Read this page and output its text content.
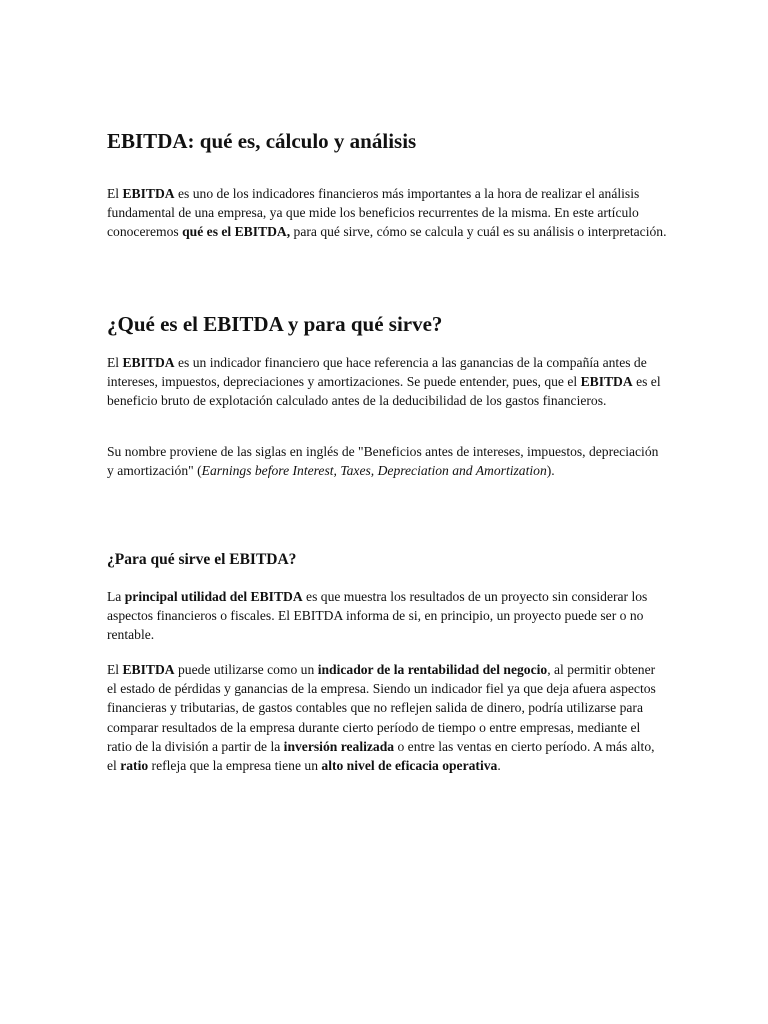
EBITDA: qué es, cálculo y análisis

El EBITDA es uno de los indicadores financieros más importantes a la hora de realizar el análisis fundamental de una empresa, ya que mide los beneficios recurrentes de la misma. En este artículo conoceremos qué es el EBITDA, para qué sirve, cómo se calcula y cuál es su análisis o interpretación.

¿Qué es el EBITDA y para qué sirve?

El EBITDA es un indicador financiero que hace referencia a las ganancias de la compañía antes de intereses, impuestos, depreciaciones y amortizaciones. Se puede entender, pues, que el EBITDA es el beneficio bruto de explotación calculado antes de la deducibilidad de los gastos financieros.

Su nombre proviene de las siglas en inglés de "Beneficios antes de intereses, impuestos, depreciación y amortización" (Earnings before Interest, Taxes, Depreciation and Amortization).

¿Para qué sirve el EBITDA?

La principal utilidad del EBITDA es que muestra los resultados de un proyecto sin considerar los aspectos financieros o fiscales. El EBITDA informa de si, en principio, un proyecto puede ser o no rentable.

El EBITDA puede utilizarse como un indicador de la rentabilidad del negocio, al permitir obtener el estado de pérdidas y ganancias de la empresa. Siendo un indicador fiel ya que deja afuera aspectos financieras y tributarias, de gastos contables que no reflejen salida de dinero, podría utilizarse para comparar resultados de la empresa durante cierto período de tiempo o entre empresas, mediante el ratio de la división a partir de la inversión realizada o entre las ventas en cierto período. A más alto, el ratio refleja que la empresa tiene un alto nivel de eficacia operativa.
